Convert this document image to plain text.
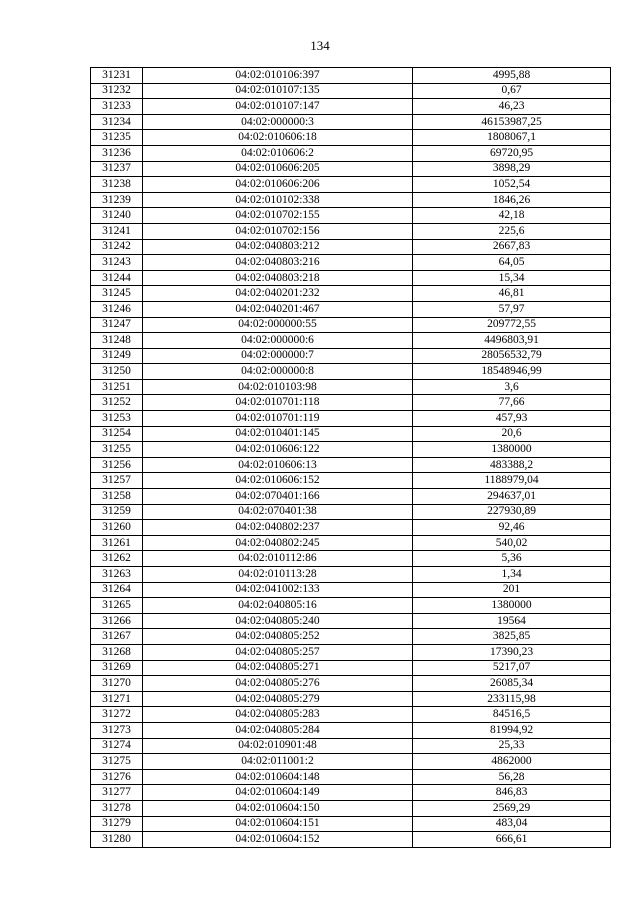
134
31231	04:02:010106:397	4995,88
31232	04:02:010107:135	0,67
31233	04:02:010107:147	46,23
31234	04:02:000000:3	46153987,25
31235	04:02:010606:18	1808067,1
31236	04:02:010606:2	69720,95
31237	04:02:010606:205	3898,29
31238	04:02:010606:206	1052,54
31239	04:02:010102:338	1846,26
31240	04:02:010702:155	42,18
31241	04:02:010702:156	225,6
31242	04:02:040803:212	2667,83
31243	04:02:040803:216	64,05
31244	04:02:040803:218	15,34
31245	04:02:040201:232	46,81
31246	04:02:040201:467	57,97
31247	04:02:000000:55	209772,55
31248	04:02:000000:6	4496803,91
31249	04:02:000000:7	28056532,79
31250	04:02:000000:8	18548946,99
31251	04:02:010103:98	3,6
31252	04:02:010701:118	77,66
31253	04:02:010701:119	457,93
31254	04:02:010401:145	20,6
31255	04:02:010606:122	1380000
31256	04:02:010606:13	483388,2
31257	04:02:010606:152	1188979,04
31258	04:02:070401:166	294637,01
31259	04:02:070401:38	227930,89
31260	04:02:040802:237	92,46
31261	04:02:040802:245	540,02
31262	04:02:010112:86	5,36
31263	04:02:010113:28	1,34
31264	04:02:041002:133	201
31265	04:02:040805:16	1380000
31266	04:02:040805:240	19564
31267	04:02:040805:252	3825,85
31268	04:02:040805:257	17390,23
31269	04:02:040805:271	5217,07
31270	04:02:040805:276	26085,34
31271	04:02:040805:279	233115,98
31272	04:02:040805:283	84516,5
31273	04:02:040805:284	81994,92
31274	04:02:010901:48	25,33
31275	04:02:011001:2	4862000
31276	04:02:010604:148	56,28
31277	04:02:010604:149	846,83
31278	04:02:010604:150	2569,29
31279	04:02:010604:151	483,04
31280	04:02:010604:152	666,61
